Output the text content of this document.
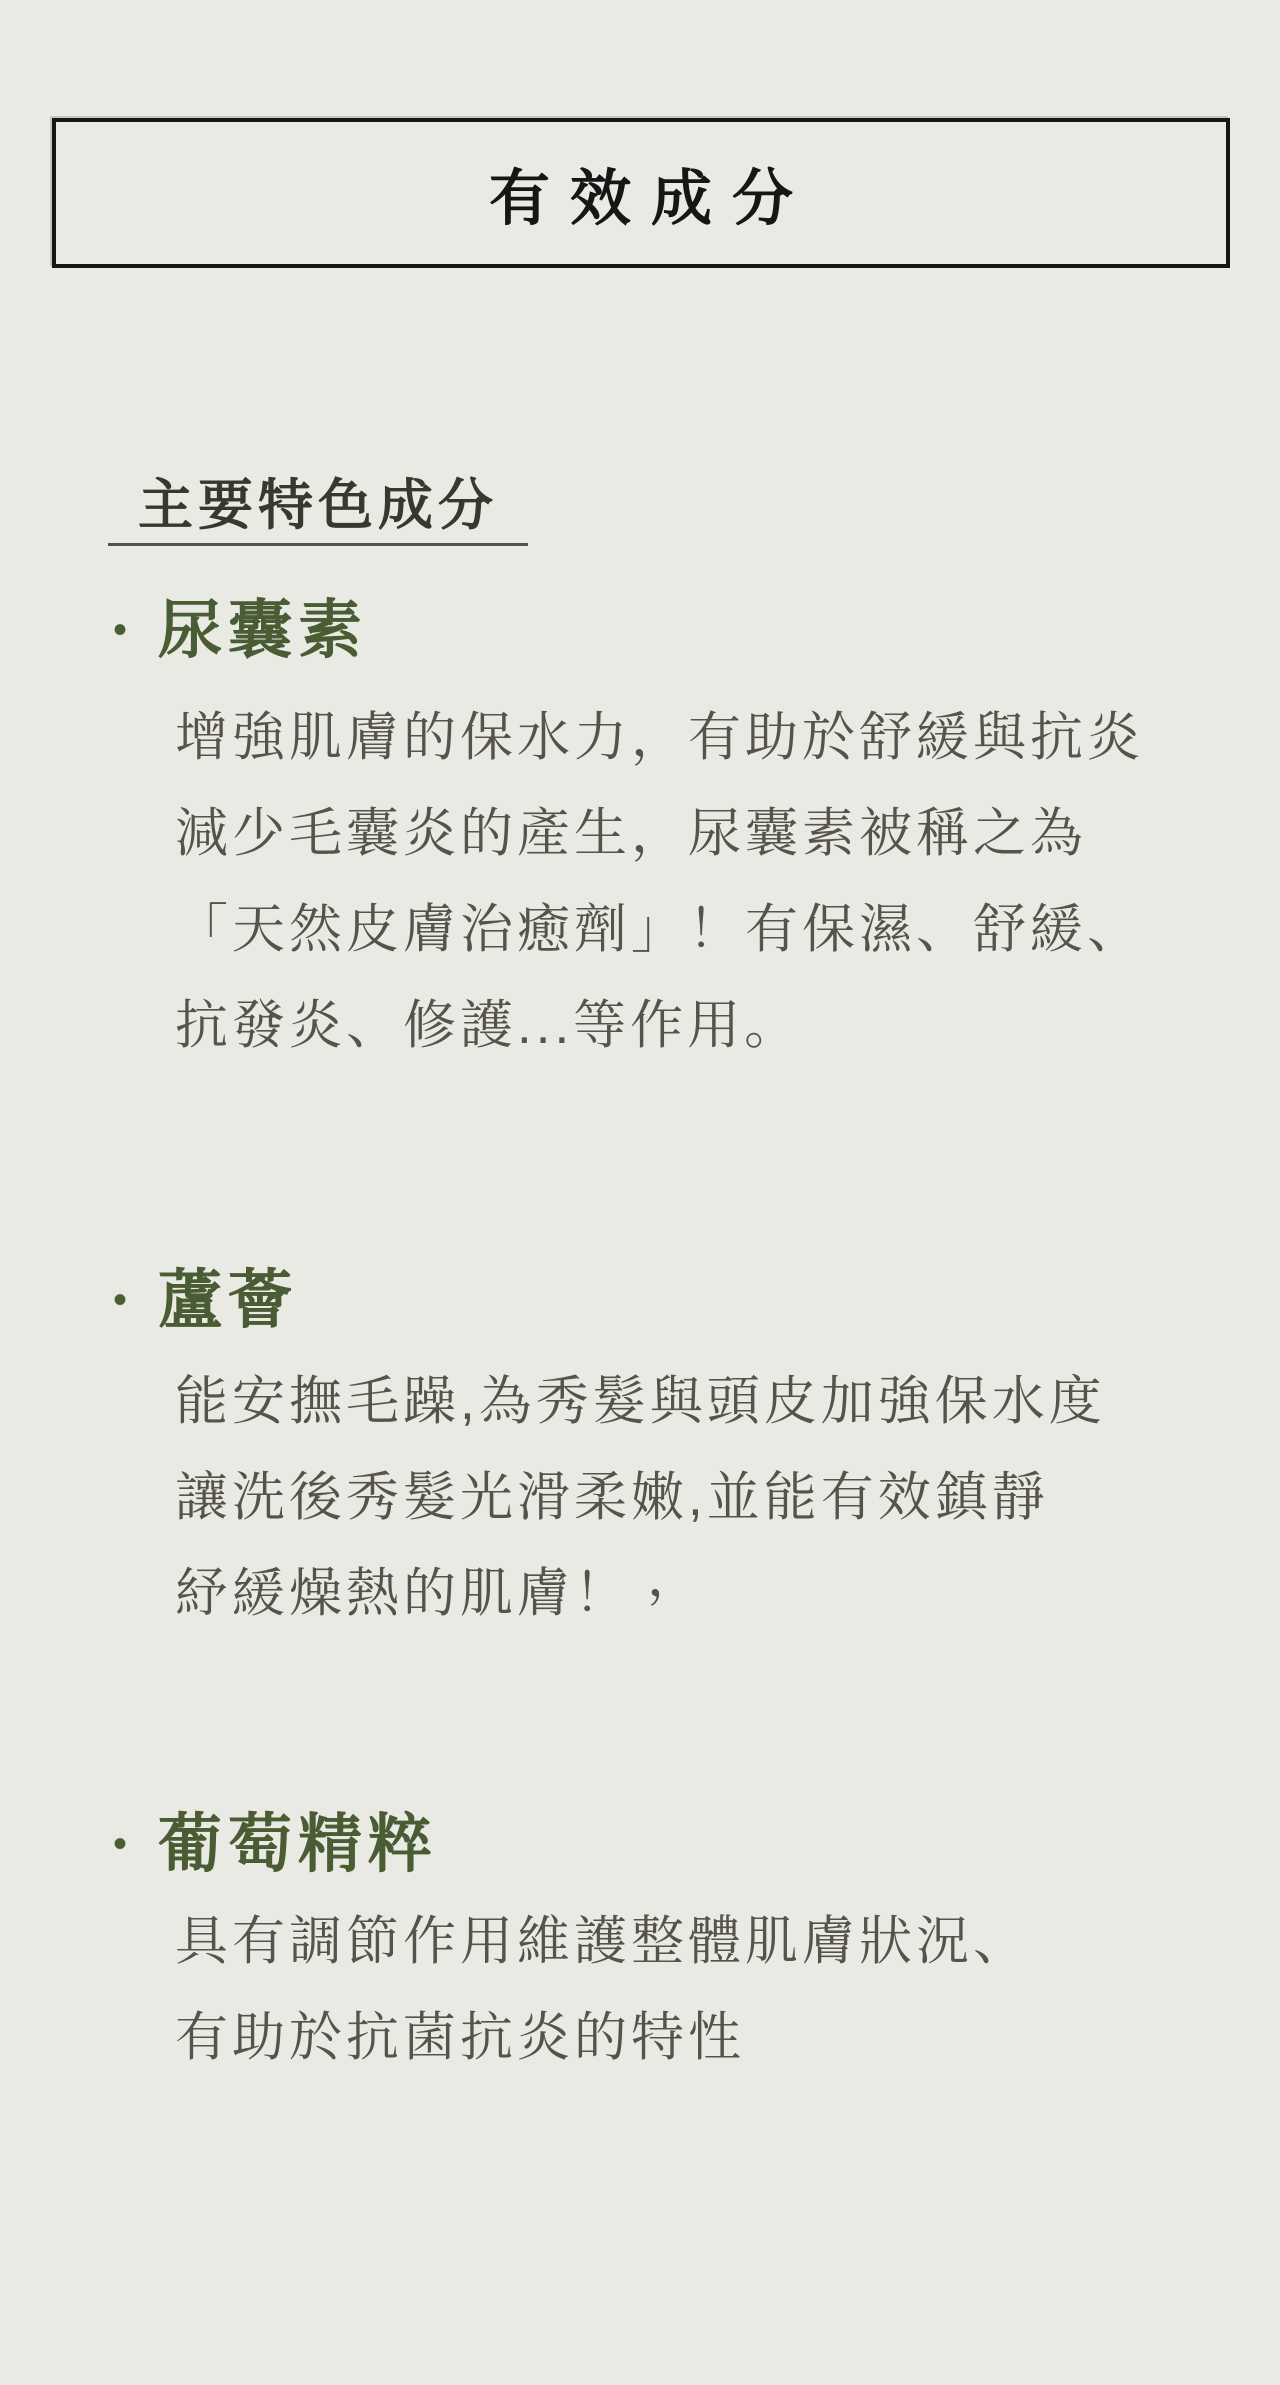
有效成分
主要特色成分
• 尿囊素
增強肌膚的保水力，有助於舒緩與抗炎
減少毛囊炎的產生，尿囊素被稱之為
「天然皮膚治癒劑」！有保濕、舒緩、
抗發炎、修護...等作用。
• 蘆薈
能安撫毛躁,為秀髮與頭皮加強保水度
讓洗後秀髮光滑柔嫩,並能有效鎮靜
紓緩燥熱的肌膚！ ，
• 葡萄精粹
具有調節作用維護整體肌膚狀況、
有助於抗菌抗炎的特性
